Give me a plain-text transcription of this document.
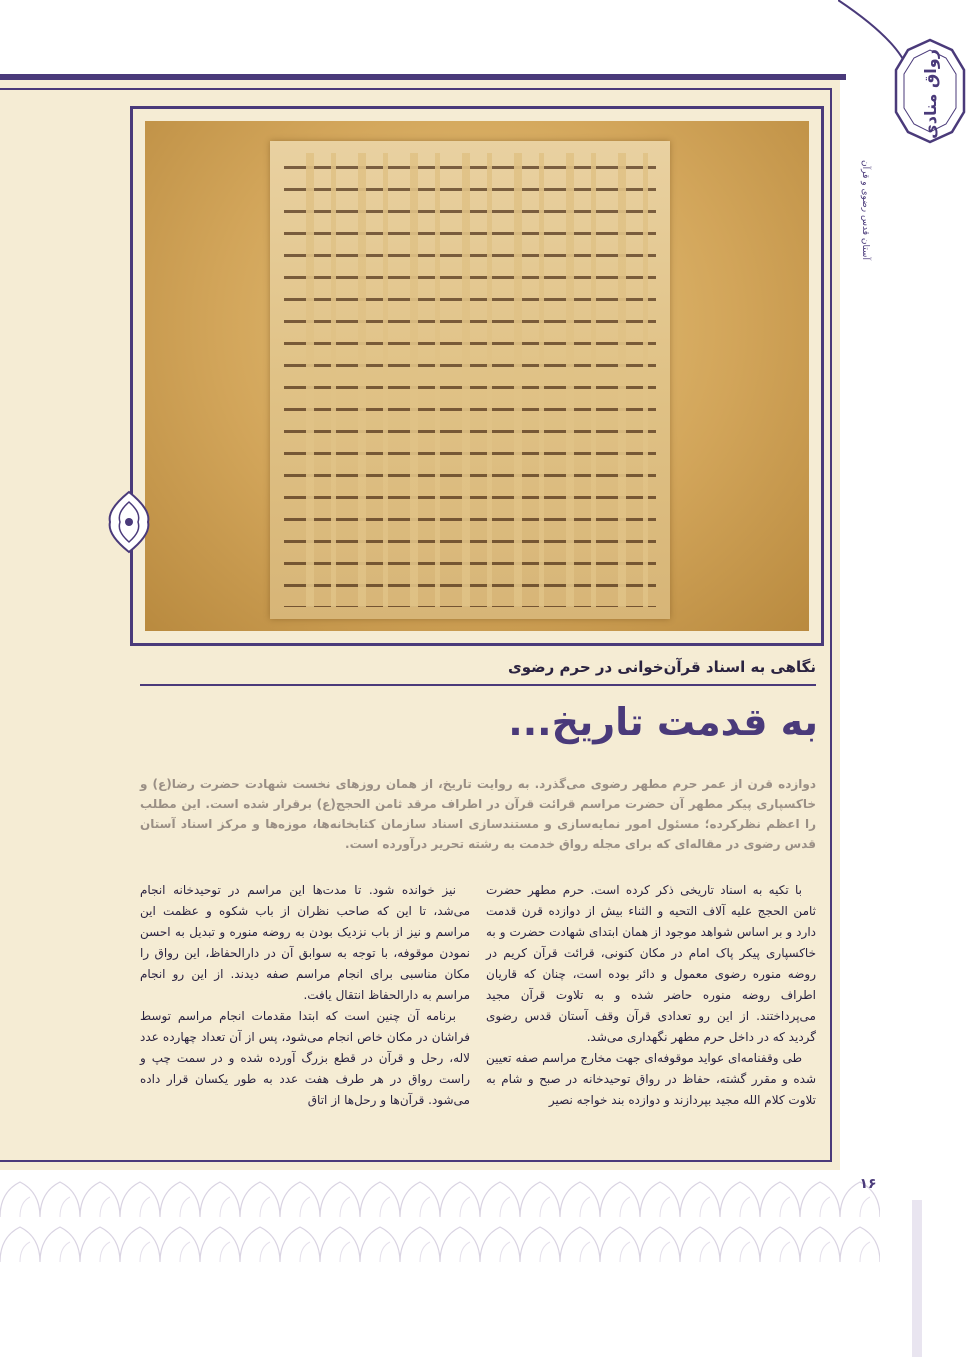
رواق منادی
آستان قدس رضوی و قرآن
نگاهی به اسناد قرآن‌خوانی در حرم رضوی
به قدمت تاریخ...
دوازده قرن از عمر حرم مطهر رضوی می‌گذرد. به روایت تاریخ، از همان روزهای نخست شهادت حضرت رضا(ع) و خاکسپاری پیکر مطهر آن حضرت مراسم قرائت قرآن در اطراف مرقد ثامن الحجج(ع) برقرار شده است. این مطلب را اعظم نظرکرده؛ مسئول امور نمایه‌سازی و مستندسازی اسناد سازمان کتابخانه‌ها، موزه‌ها و مرکز اسناد آستان قدس رضوی در مقاله‌ای که برای مجله رواق خدمت به رشته تحریر درآورده است.

با تکیه به اسناد تاریخی ذکر کرده است. حرم مطهر حضرت ثامن الحجج علیه آلاف التحیه و الثناء بیش از دوازده قرن قدمت دارد و بر اساس شواهد موجود از همان ابتدای شهادت حضرت و به خاکسپاری پیکر پاک امام در مکان کنونی، قرائت قرآن کریم در روضه منوره رضوی معمول و دائر بوده است، چنان که قاریان اطراف روضه منوره حاضر شده و به تلاوت قرآن مجید می‌پرداختند. از این رو تعدادی قرآن وقف آستان قدس رضوی گردید که در داخل حرم مطهر نگهداری می‌شد.

طی وقفنامه‌ای عواید موقوفه‌ای جهت مخارج مراسم صفه تعیین شده و مقرر گشته، حفاظ در رواق توحیدخانه در صبح و شام به تلاوت کلام الله مجید بپردازند و دوازده بند خواجه نصیر

نیز خوانده شود. تا مدت‌ها این مراسم در توحیدخانه انجام می‌شد، تا این که صاحب نظران از باب شکوه و عظمت این مراسم و نیز از باب نزدیک بودن به روضه منوره و تبدیل به احسن نمودن موقوفه، با توجه به سوابق آن در دارالحفاظ، این رواق را مکان مناسبی برای انجام مراسم صفه دیدند. از این رو انجام مراسم به دارالحفاظ انتقال یافت.

برنامه آن چنین است که ابتدا مقدمات انجام مراسم توسط فراشان در مکان خاص انجام می‌شود، پس از آن تعداد چهارده عدد لاله، رحل و قرآن در قطع بزرگ آورده شده و در سمت چپ و راست رواق در هر طرف هفت عدد به طور یکسان قرار داده می‌شود. قرآن‌ها و رحل‌ها از اتاق

۱۶
